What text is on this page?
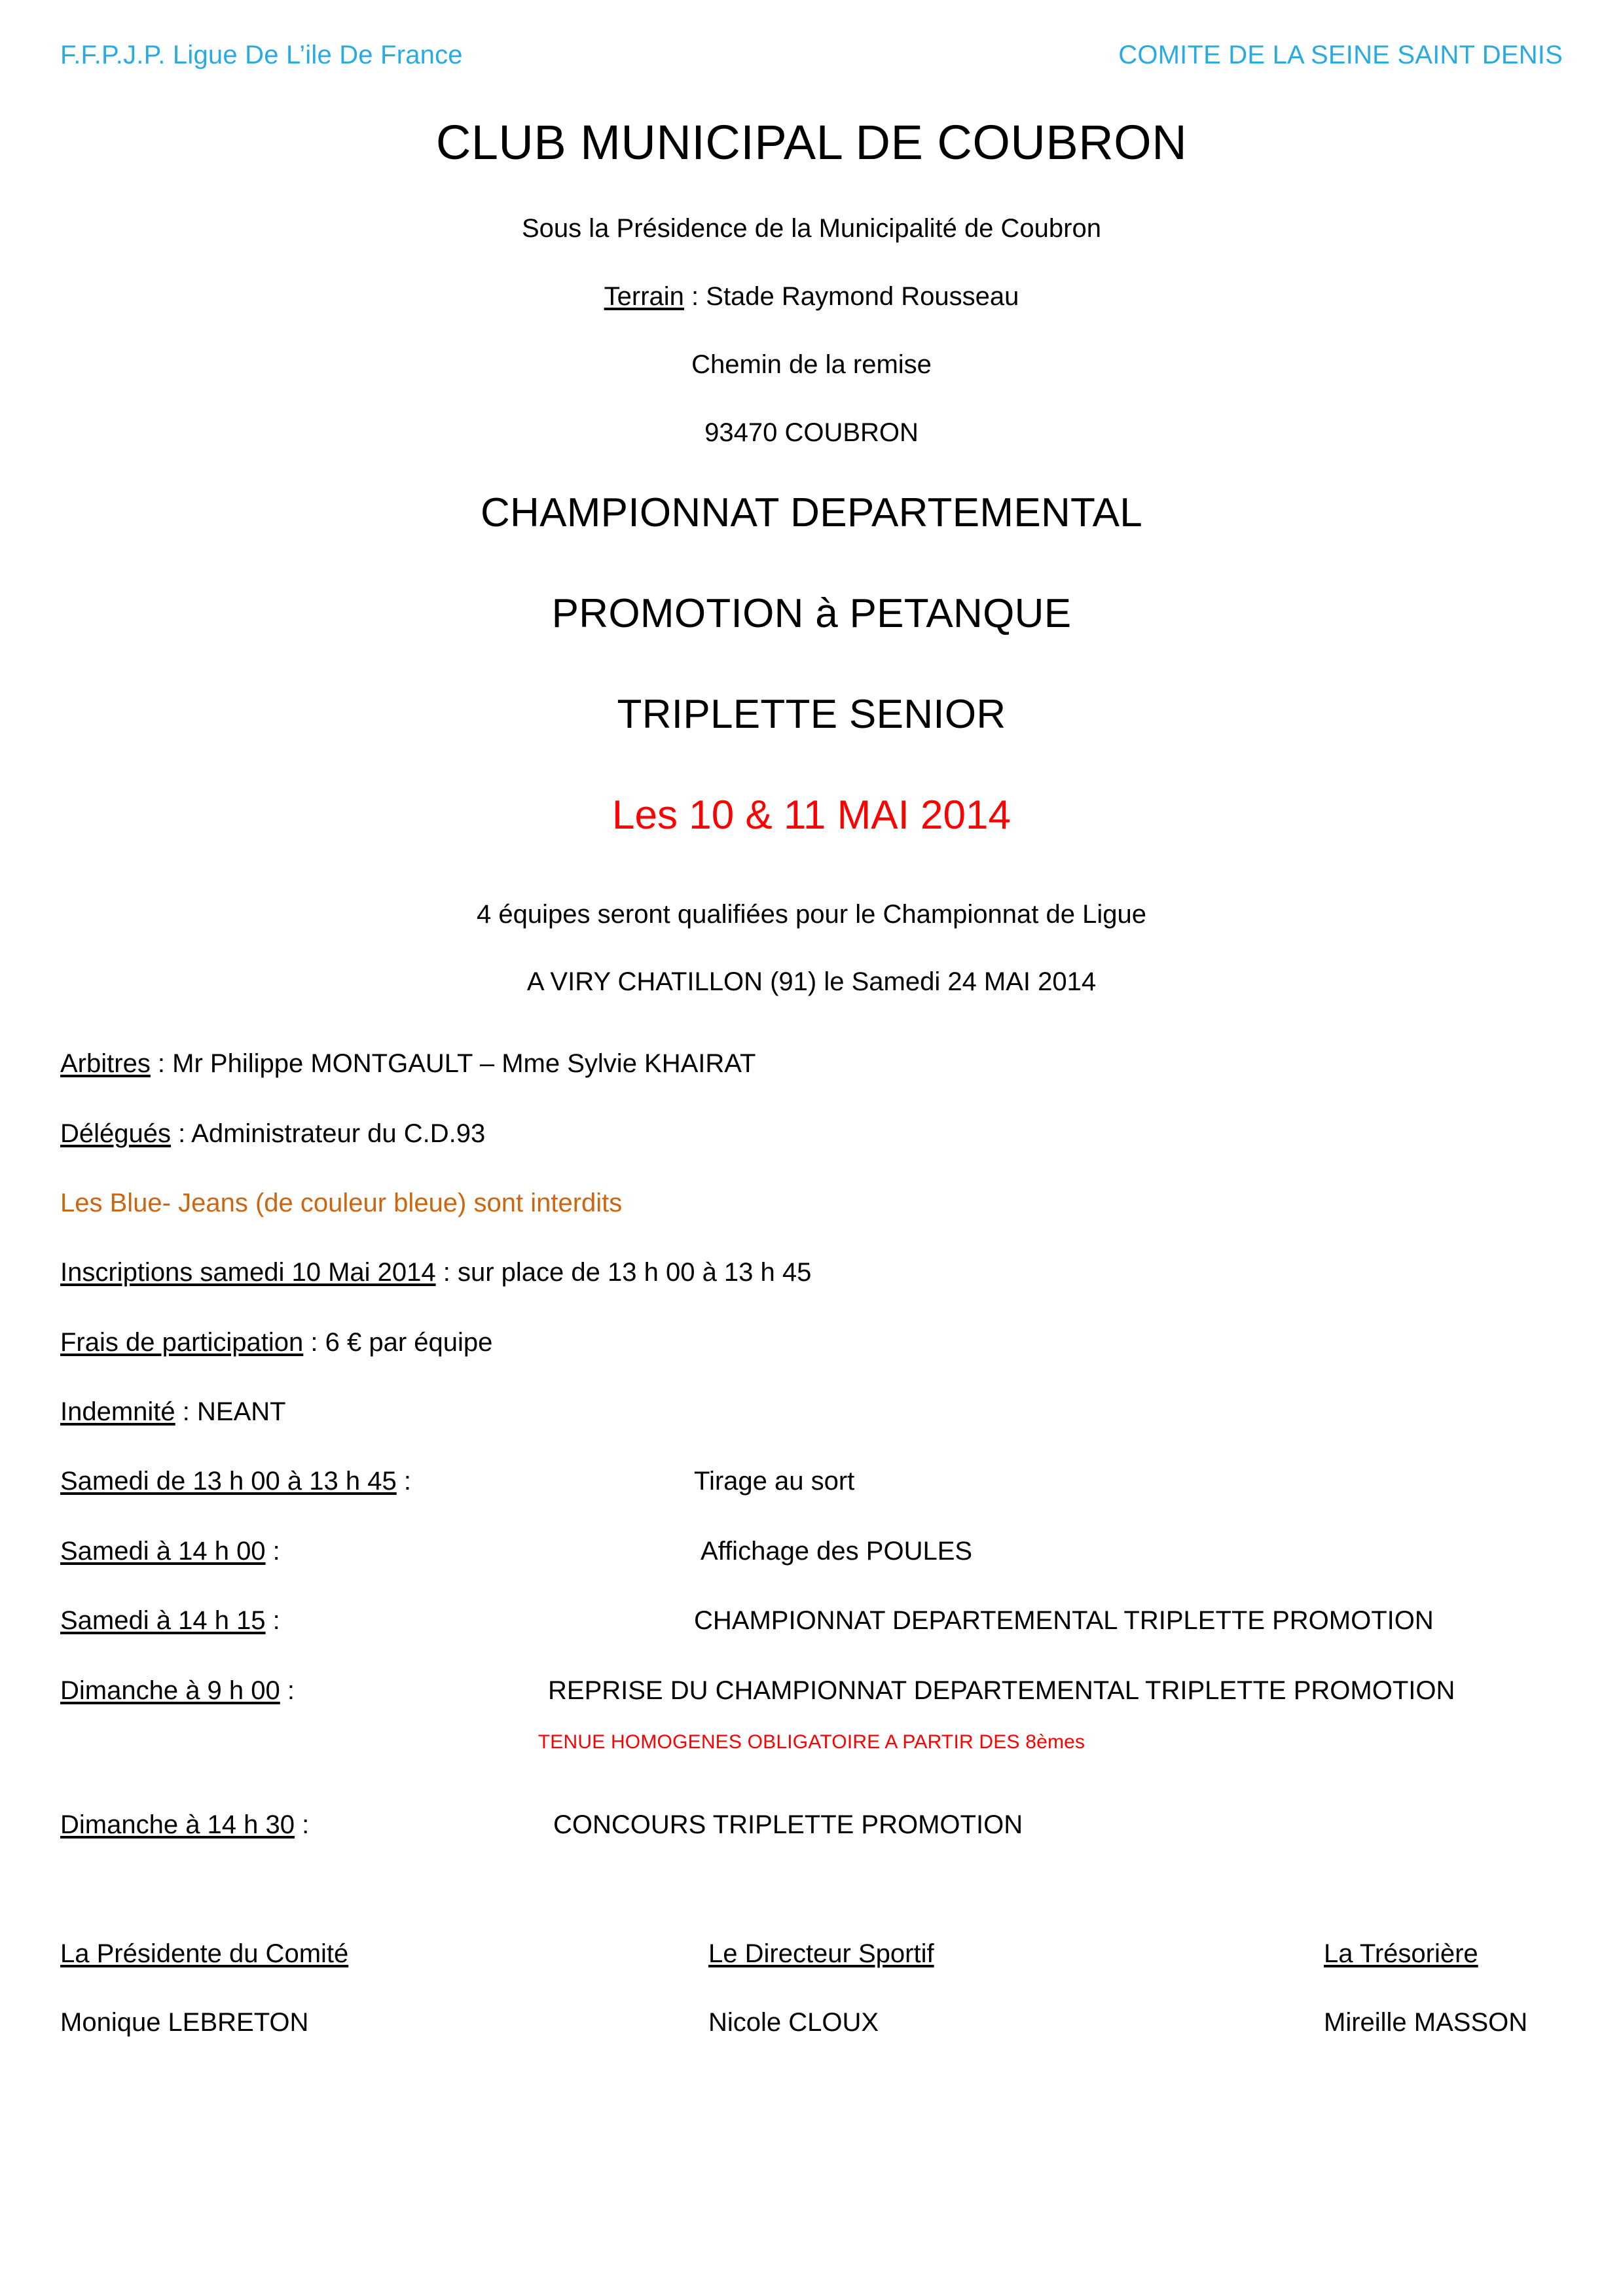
F.F.P.J.P. Ligue De L’ile De France	COMITE DE LA SEINE SAINT DENIS
CLUB MUNICIPAL DE COUBRON
Sous la Présidence de la Municipalité de Coubron
Terrain : Stade Raymond Rousseau
Chemin de la remise
93470 COUBRON
CHAMPIONNAT DEPARTEMENTAL
PROMOTION à PETANQUE
TRIPLETTE SENIOR
Les 10 & 11 MAI 2014
4 équipes seront qualifiées pour le Championnat de Ligue
A VIRY CHATILLON (91) le Samedi 24 MAI 2014
Arbitres : Mr Philippe MONTGAULT – Mme Sylvie KHAIRAT
Délégués : Administrateur du C.D.93
Les Blue- Jeans (de couleur bleue) sont interdits
Inscriptions samedi 10 Mai 2014 : sur place de 13 h 00 à 13 h 45
Frais de participation : 6 € par équipe
Indemnité : NEANT
Samedi de 13 h 00 à 13 h 45 :	Tirage au sort
Samedi à 14 h 00 :	Affichage des POULES
Samedi à 14 h 15 :	CHAMPIONNAT DEPARTEMENTAL TRIPLETTE PROMOTION
Dimanche à 9 h 00 :	REPRISE DU CHAMPIONNAT DEPARTEMENTAL TRIPLETTE PROMOTION
TENUE HOMOGENES OBLIGATOIRE A PARTIR DES 8èmes
Dimanche à 14 h 30 :	CONCOURS TRIPLETTE PROMOTION
La Présidente du Comité	Le Directeur Sportif	La Trésorière
Monique LEBRETON	Nicole CLOUX	Mireille MASSON
